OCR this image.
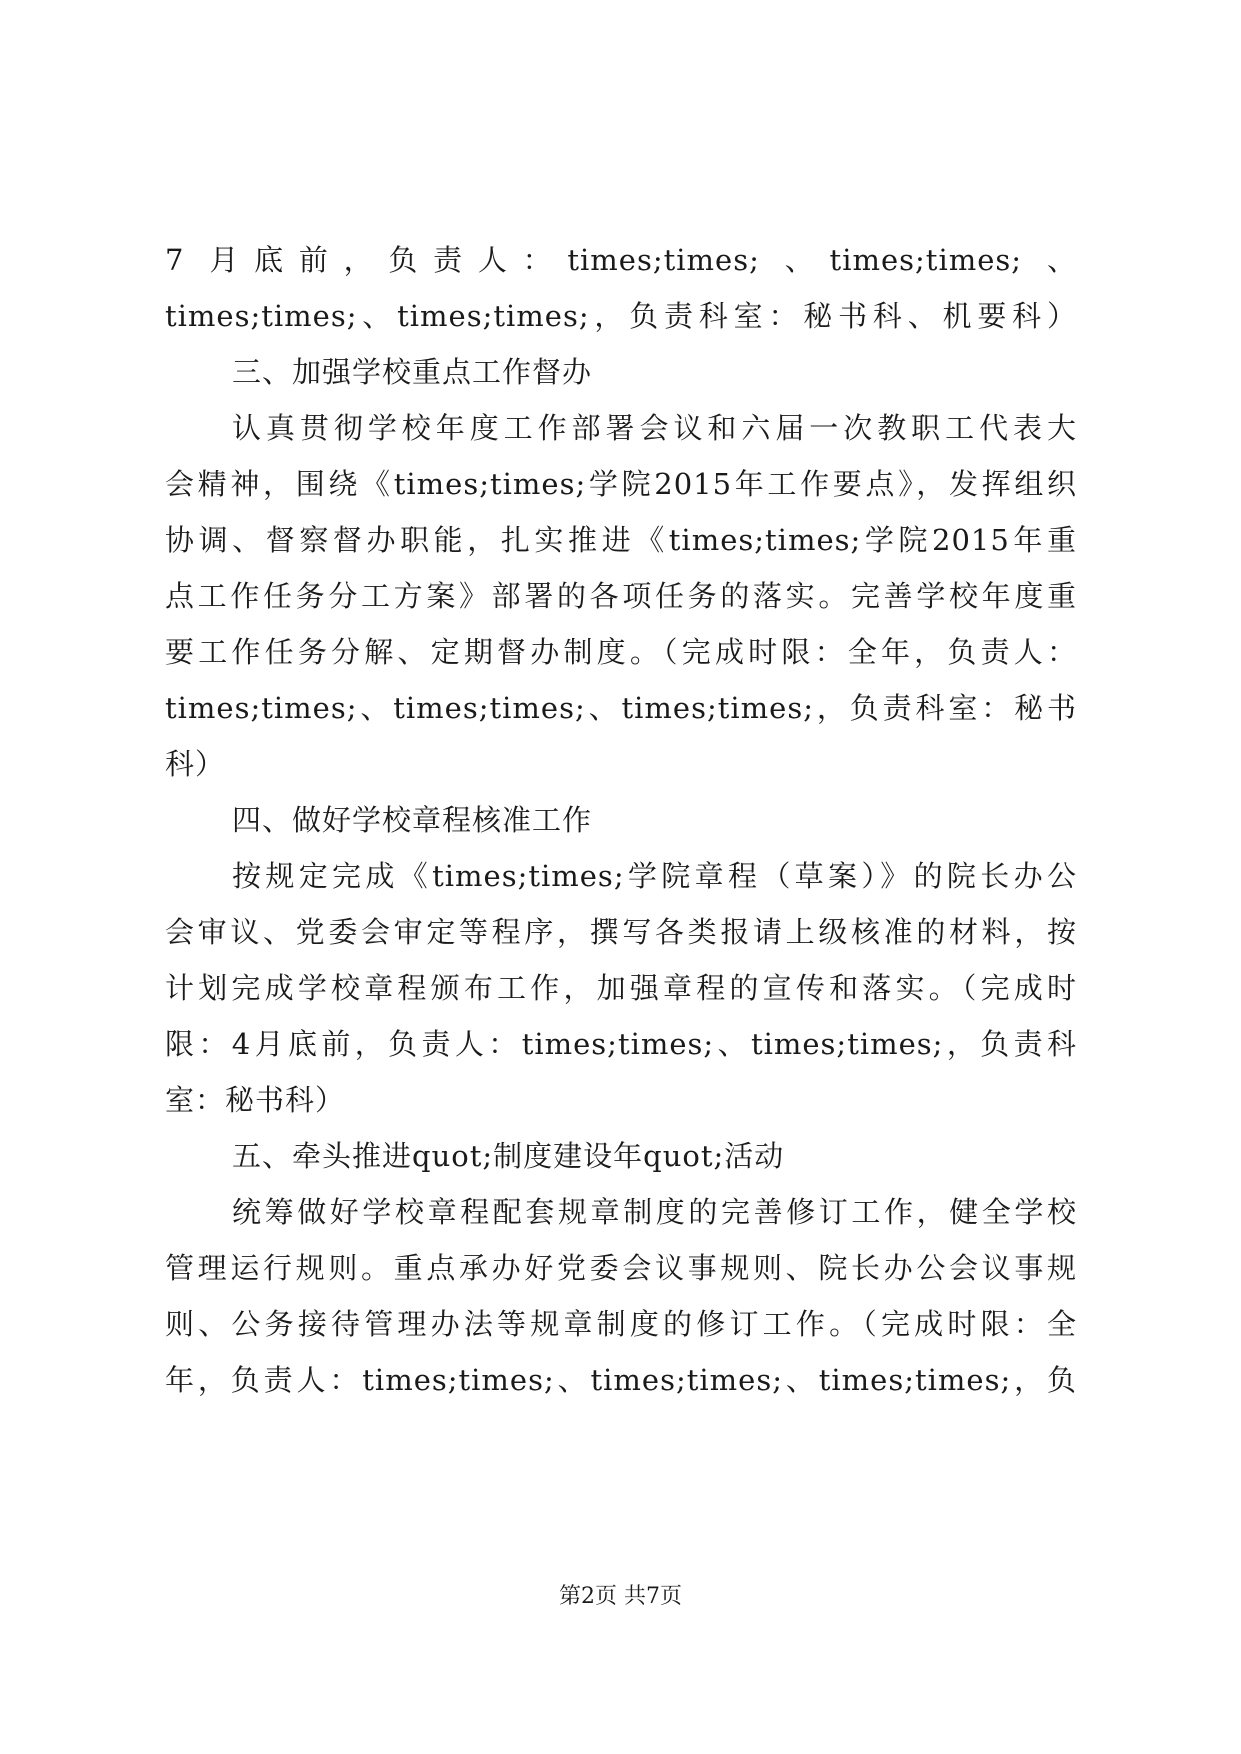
7 月底前，负责人：times;times; 、times;times; 、
times;times;、times;times;，负责科室：秘书科、机要科）
三、加强学校重点工作督办
认真贯彻学校年度工作部署会议和六届一次教职工代表大
会精神，围绕《times;times;学院2015年工作要点》，发挥组织
协调、督察督办职能，扎实推进《times;times;学院2015年重
点工作任务分工方案》部署的各项任务的落实。完善学校年度重
要工作任务分解、定期督办制度。（完成时限：全年，负责人：
times;times;、times;times;、times;times;，负责科室：秘书
科）
四、做好学校章程核准工作
按规定完成《times;times;学院章程（草案）》的院长办公
会审议、党委会审定等程序，撰写各类报请上级核准的材料，按
计划完成学校章程颁布工作，加强章程的宣传和落实。（完成时
限：4月底前，负责人：times;times;、times;times;，负责科
室：秘书科）
五、牵头推进quot;制度建设年quot;活动
统筹做好学校章程配套规章制度的完善修订工作，健全学校
管理运行规则。重点承办好党委会议事规则、院长办公会议事规
则、公务接待管理办法等规章制度的修订工作。（完成时限：全
年，负责人：times;times;、times;times;、times;times;，负
第2页 共7页
